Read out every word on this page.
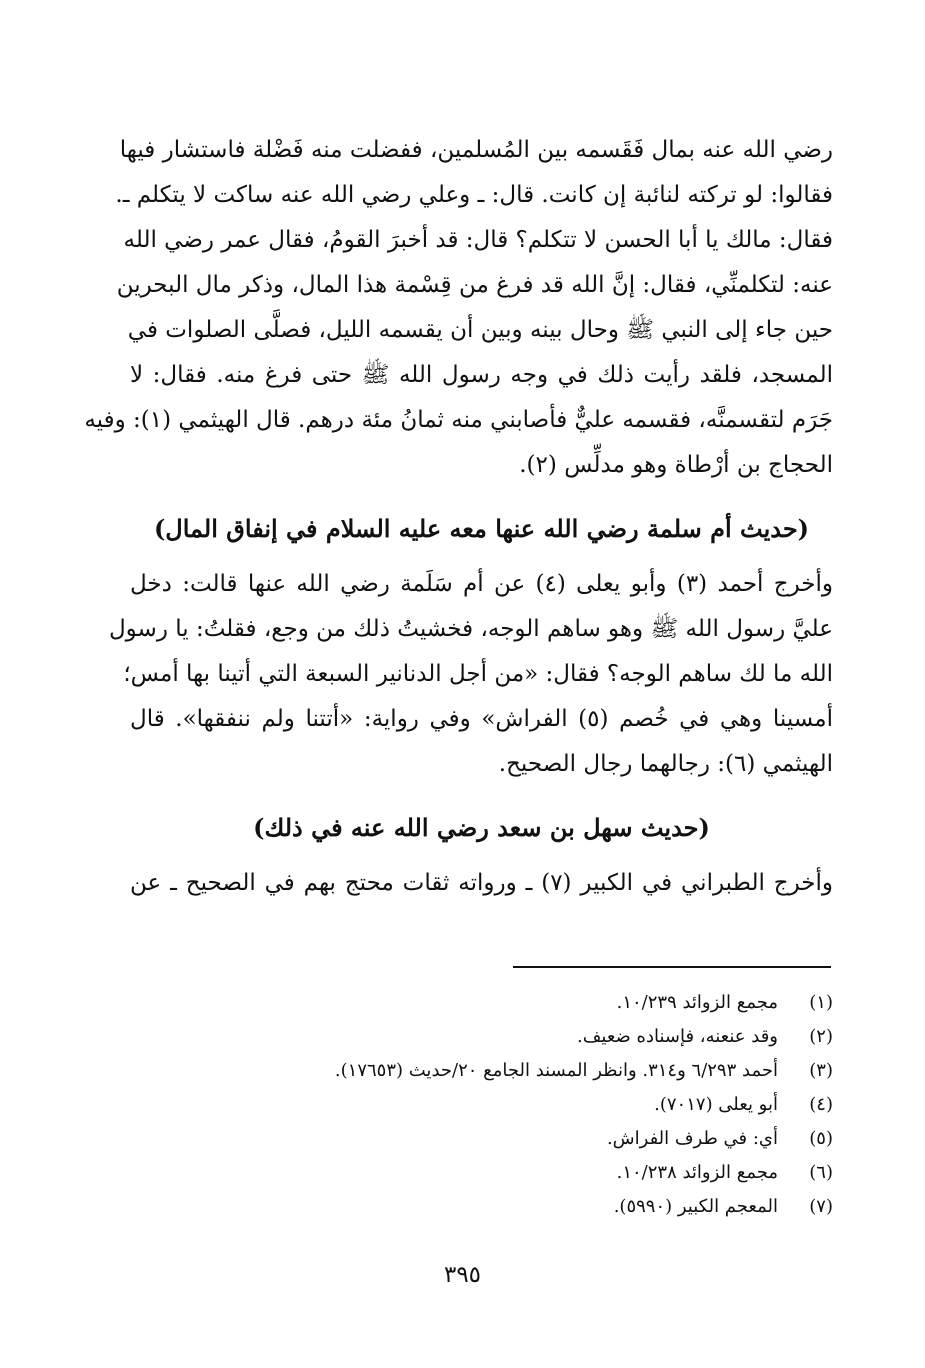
رضي الله عنه بمال فَقَسمه بين المُسلمين، ففضلت منه فَضْلة فاستشار فيها
فقالوا: لو تركته لنائبة إن كانت. قال: ـ وعلي رضي الله عنه ساكت لا يتكلم ـ.
فقال: مالك يا أبا الحسن لا تتكلم؟ قال: قد أخبرَ القومُ، فقال عمر رضي الله
عنه: لتكلمنِّي، فقال: إنَّ الله قد فرغ من قِسْمة هذا المال، وذكر مال البحرين
حين جاء إلى النبي ﷺ وحال بينه وبين أن يقسمه الليل، فصلَّى الصلوات في
المسجد، فلقد رأيت ذلك في وجه رسول الله ﷺ حتى فرغ منه. فقال: لا
جَرَم لتقسمنَّه، فقسمه عليٌّ فأصابني منه ثمانُ مئة درهم. قال الهيثمي (١): وفيه
الحجاج بن أرْطاة وهو مدلِّس (٢).
(حديث أم سلمة رضي الله عنها معه عليه السلام في إنفاق المال)
وأخرج أحمد (٣) وأبو يعلى (٤) عن أم سَلَمة رضي الله عنها قالت: دخل
عليَّ رسول الله ﷺ وهو ساهم الوجه، فخشيتُ ذلك من وجع، فقلتُ: يا رسول
الله ما لك ساهم الوجه؟ فقال: «من أجل الدنانير السبعة التي أتينا بها أمس؛
أمسينا وهي في خُصم (٥) الفراش» وفي رواية: «أتتنا ولم ننفقها». قال
الهيثمي (٦): رجالهما رجال الصحيح.
(حديث سهل بن سعد رضي الله عنه في ذلك)
وأخرج الطبراني في الكبير (٧) ـ ورواته ثقات محتج بهم في الصحيح ـ عن
(١)
مجمع الزوائد ١٠/٢٣٩.
(٢)
وقد عنعنه، فإسناده ضعيف.
(٣)
أحمد ٦/٢٩٣ و٣١٤. وانظر المسند الجامع ٢٠/حديث (١٧٦٥٣).
(٤)
أبو يعلى (٧٠١٧).
(٥)
أي: في طرف الفراش.
(٦)
مجمع الزوائد ١٠/٢٣٨.
(٧)
المعجم الكبير (٥٩٩٠).
٣٩٥
